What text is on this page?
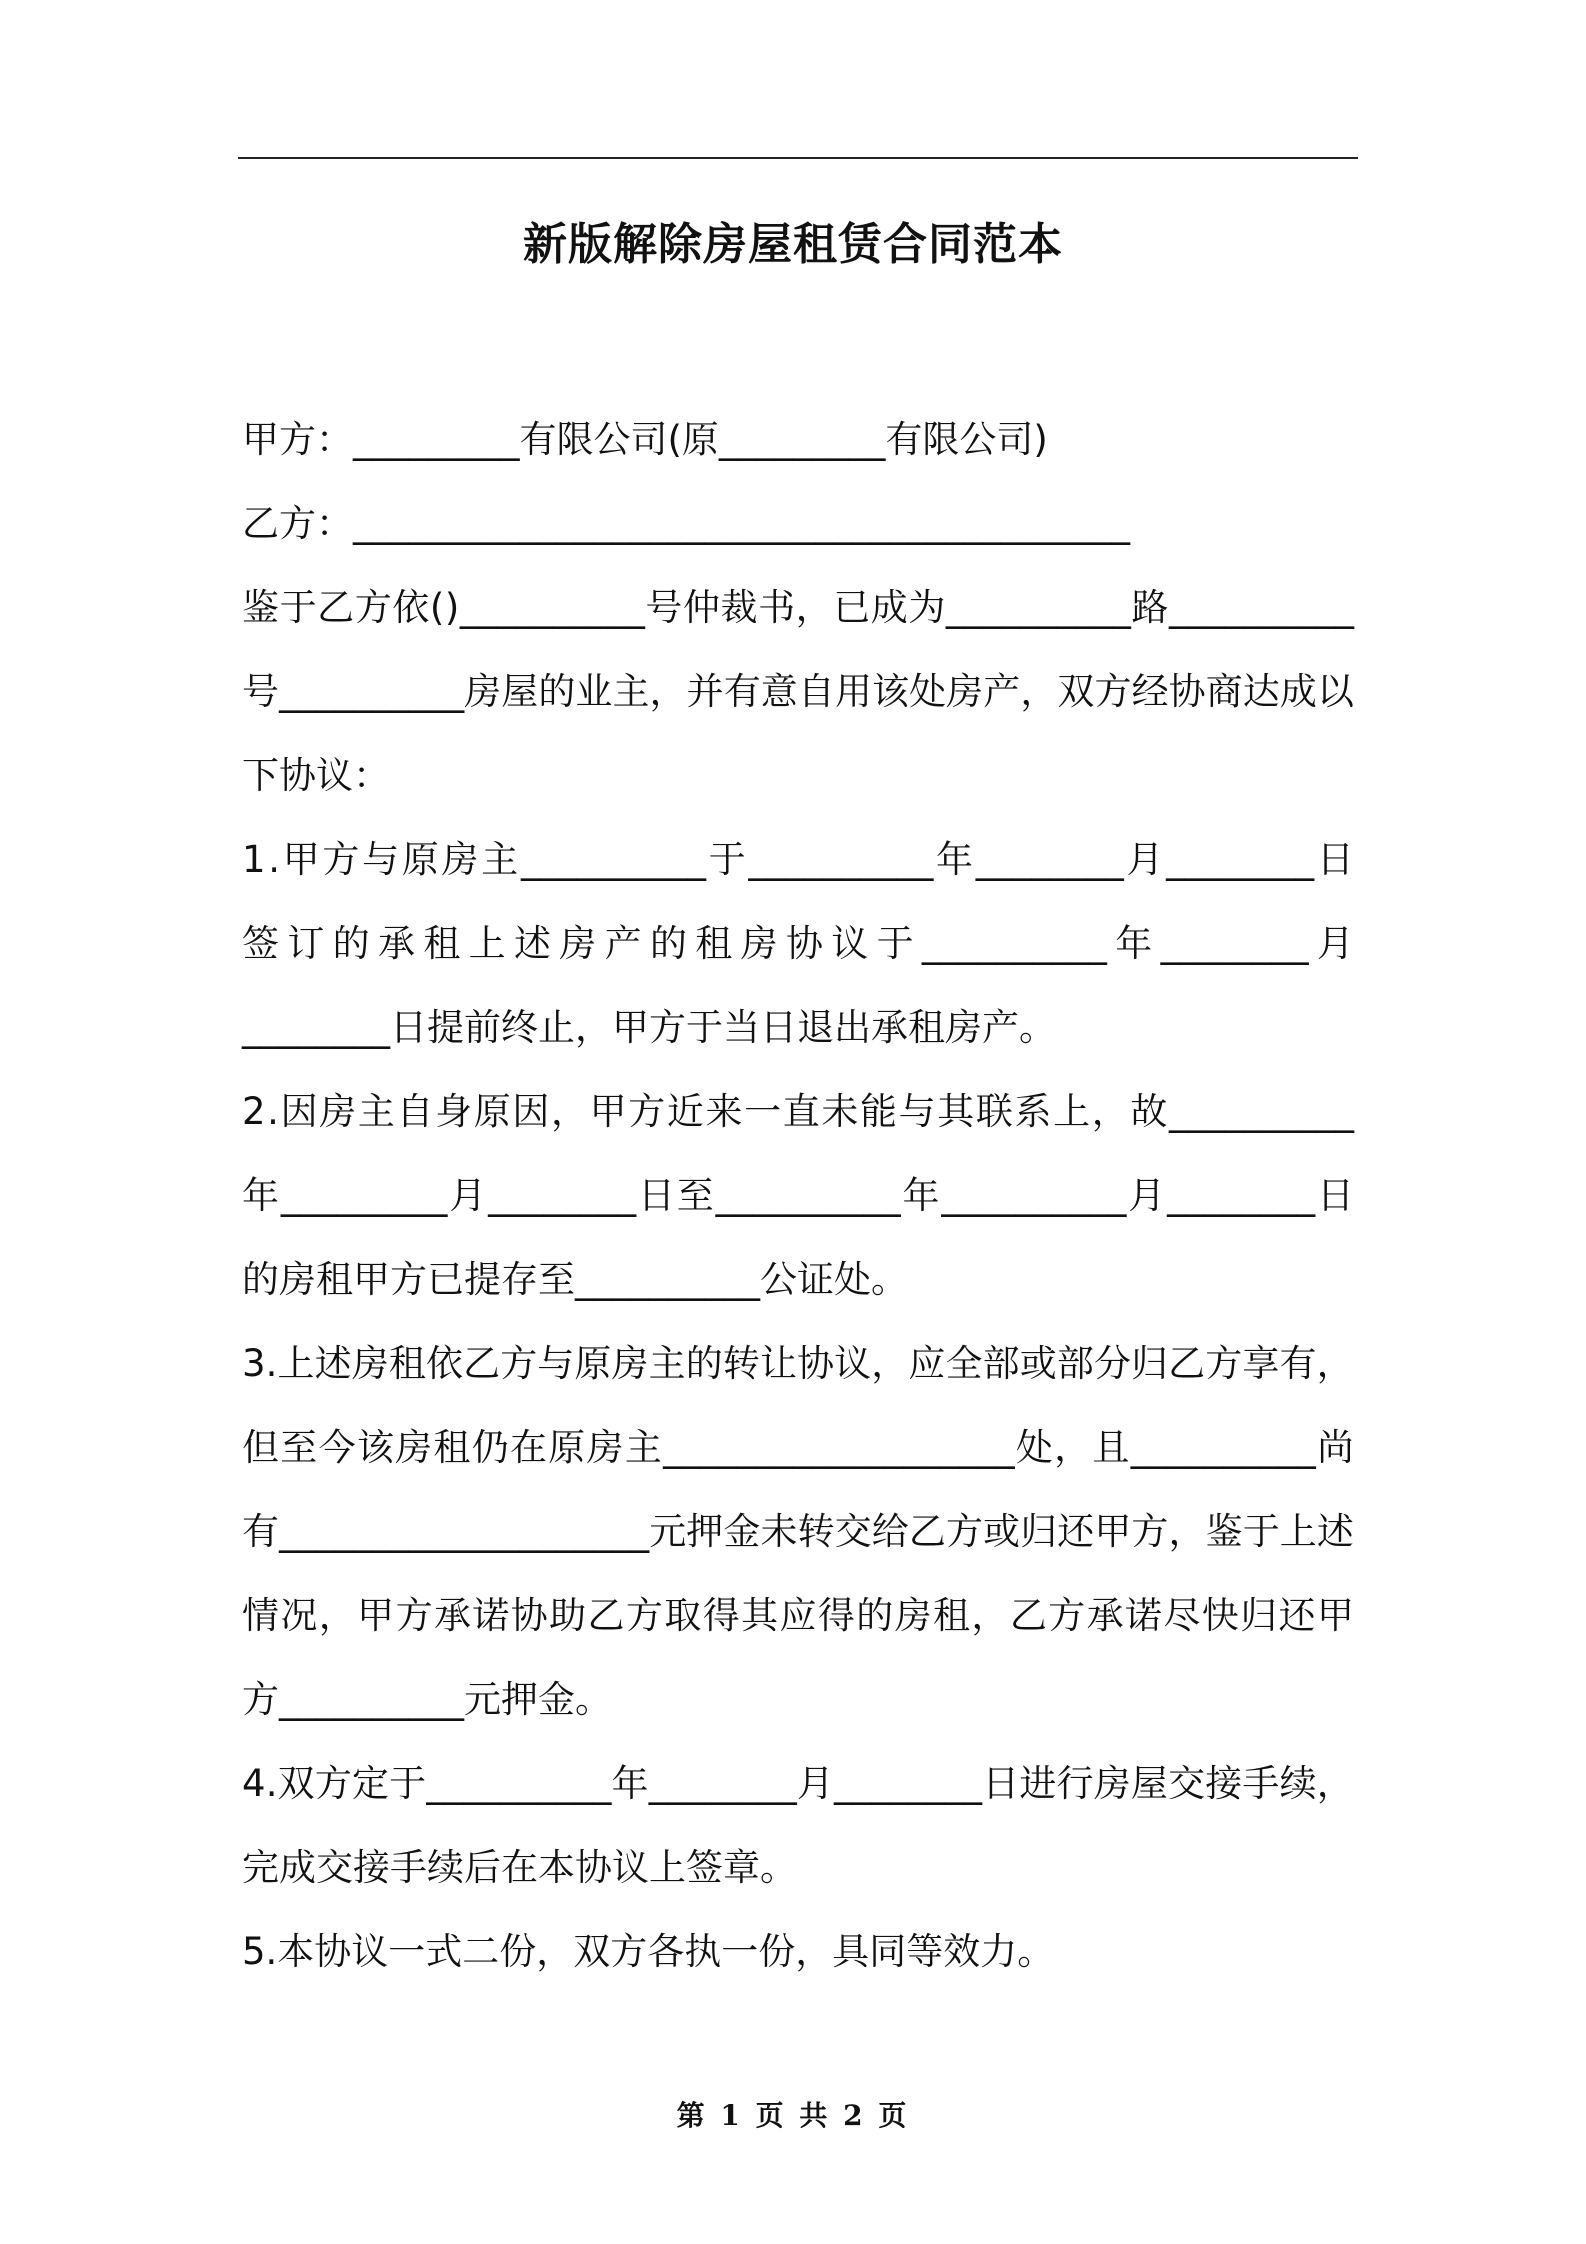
新版解除房屋租赁合同范本
甲方：_________有限公司(原_________有限公司)
乙方：__________________________________________
鉴 于 乙 方 依 ( ) __________ 号 仲 裁 书 ， 已 成 为 __________ 路 __________
号 __________ 房 屋 的 业 主 ， 并 有 意 自 用 该 处 房 产 ， 双 方 经 协 商 达 成 以
下协议：
1 . 甲 方 与 原 房 主 __________ 于 __________ 年 ________ 月 ________ 日
签 订 的 承 租 上 述 房 产 的 租 房 协 议 于 __________ 年 ________ 月
________日提前终止，甲方于当日退出承租房产。
2 . 因 房 主 自 身 原 因 ， 甲 方 近 来 一 直 未 能 与 其 联 系 上 ， 故 __________
年 _________ 月 ________ 日 至 __________ 年 __________ 月 ________ 日
的房租甲方已提存至__________公证处。
3 . 上 述 房 租 依 乙 方 与 原 房 主 的 转 让 协 议 ， 应 全 部 或 部 分 归 乙 方 享 有 ，
但 至 今 该 房 租 仍 在 原 房 主 ___________________ 处 ， 且 __________ 尚
有 ____________________ 元 押 金 未 转 交 给 乙 方 或 归 还 甲 方 ， 鉴 于 上 述
情 况 ， 甲 方 承 诺 协 助 乙 方 取 得 其 应 得 的 房 租 ， 乙 方 承 诺 尽 快 归 还 甲
方__________元押金。
4 . 双 方 定 于 __________ 年 ________ 月 ________ 日 进 行 房 屋 交 接 手 续 ，
完成交接手续后在本协议上签章。
5.本协议一式二份，双方各执一份，具同等效力。
第 1 页 共 2 页
